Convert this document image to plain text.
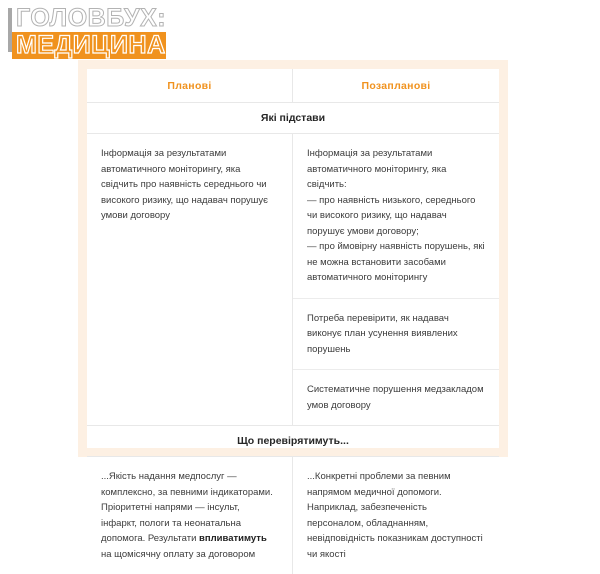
ГОЛОВБУХ:
МЕДИЦИНА
Планові	Позапланові
Які підстави

Інформація за результатами автоматичного моніторингу, яка свідчить про наявність середнього чи високого ризику, що надавач порушує умови договору

Інформація за результатами автоматичного моніторингу, яка свідчить:
— про наявність низького, середнього чи високого ризику, що надавач порушує умови договору;
— про ймовірну наявність порушень, які не можна встановити засобами автоматичного моніторингу

Потреба перевірити, як надавач виконує план усунення виявлених порушень

Систематичне порушення медзакладом умов договору

Що перевірятимуть...

...Якість надання медпослуг — комплексно, за певними індикаторами. Пріоритетні напрями — інсульт, інфаркт, пологи та неонатальна допомога. Результати впливатимуть на щомісячну оплату за договором

...Конкретні проблеми за певним напрямом медичної допомоги. Наприклад, забезпеченість персоналом, обладнанням, невідповідність показникам доступності чи якості
